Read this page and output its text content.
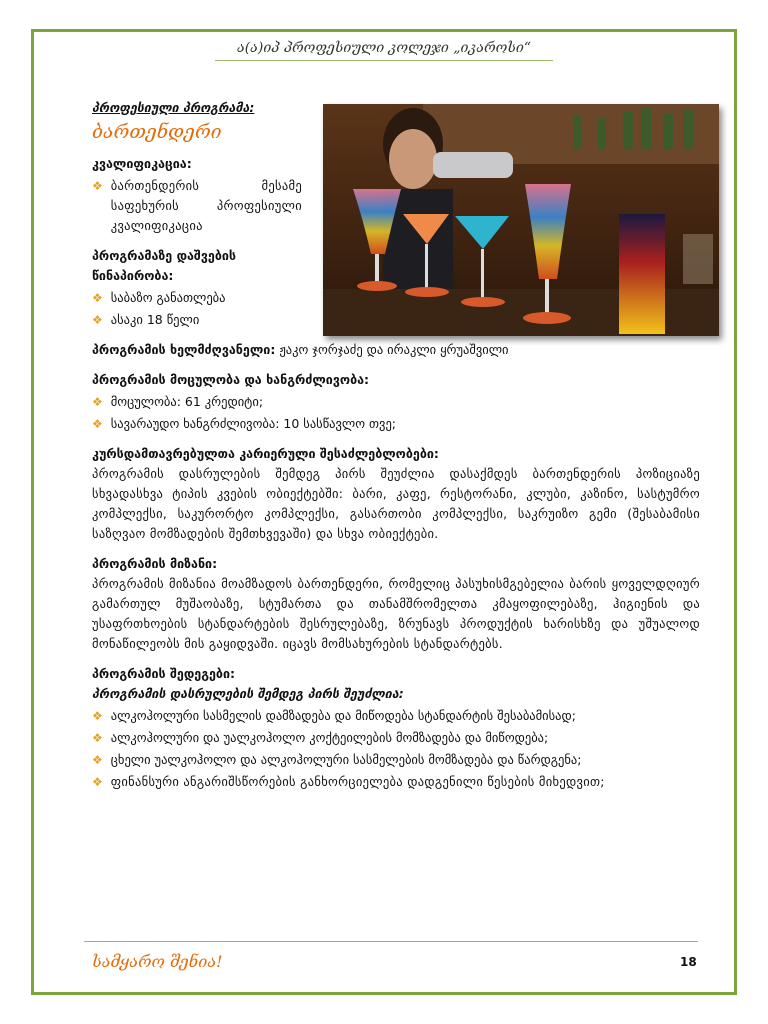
ა(ა)იპ პროფესიული კოლეჯი „იკაროსი“
პროფესიული პროგრამა:
ბართენდერი
კვალიფიკაცია:
❖ ბართენდერის მესამე საფეხურის პროფესიული კვალიფიკაცია
პროგრამაზე დაშვების წინაპირობა:
❖ საბაზო განათლება
❖ ასაკი 18 წელი
პროგრამის ხელმძღვანელი: ჟაკო ჯორჯაძე და ირაკლი ყრუაშვილი
პროგრამის მოცულობა და ხანგრძლივობა:
❖ მოცულობა: 61 კრედიტი;
❖ სავარაუდო ხანგრძლივობა: 10 სასწავლო თვე;
კურსდამთავრებულთა კარიერული შესაძლებლობები:
პროგრამის დასრულების შემდეგ პირს შეუძლია დასაქმდეს ბართენდერის პოზიციაზე სხვადასხვა ტიპის კვების ობიექტებში: ბარი, კაფე, რესტორანი, კლუბი, კაზინო, სასტუმრო კომპლექსი, საკურორტო კომპლექსი, გასართობი კომპლექსი, საკრუიზო გემი (შესაბამისი საზღვაო მომზადების შემთხვევაში) და სხვა ობიექტები.
პროგრამის მიზანი:
პროგრამის მიზანია მოამზადოს ბართენდერი, რომელიც პასუხისმგებელია ბარის ყოველდღიურ გამართულ მუშაობაზე, სტუმართა და თანამშრომელთა კმაყოფილებაზე, ჰიგიენის და უსაფრთხოების სტანდარტების შესრულებაზე, ზრუნავს პროდუქტის ხარისხზე და უშუალოდ მონაწილეობს მის გაყიდვაში. იცავს მომსახურების სტანდარტებს.
პროგრამის შედეგები:
პროგრამის დასრულების შემდეგ პირს შეუძლია:
❖ ალკოჰოლური სასმელის დამზადება და მიწოდება სტანდარტის შესაბამისად;
❖ ალკოჰოლური და უალკოჰოლო კოქტეილების მომზადება და მიწოდება;
❖ ცხელი უალკოჰოლო და ალკოჰოლური სასმელების მომზადება და წარდგენა;
❖ ფინანსური ანგარიშსწორების განხორციელება დადგენილი წესების მიხედვით;
სამყარო შენია!	18
